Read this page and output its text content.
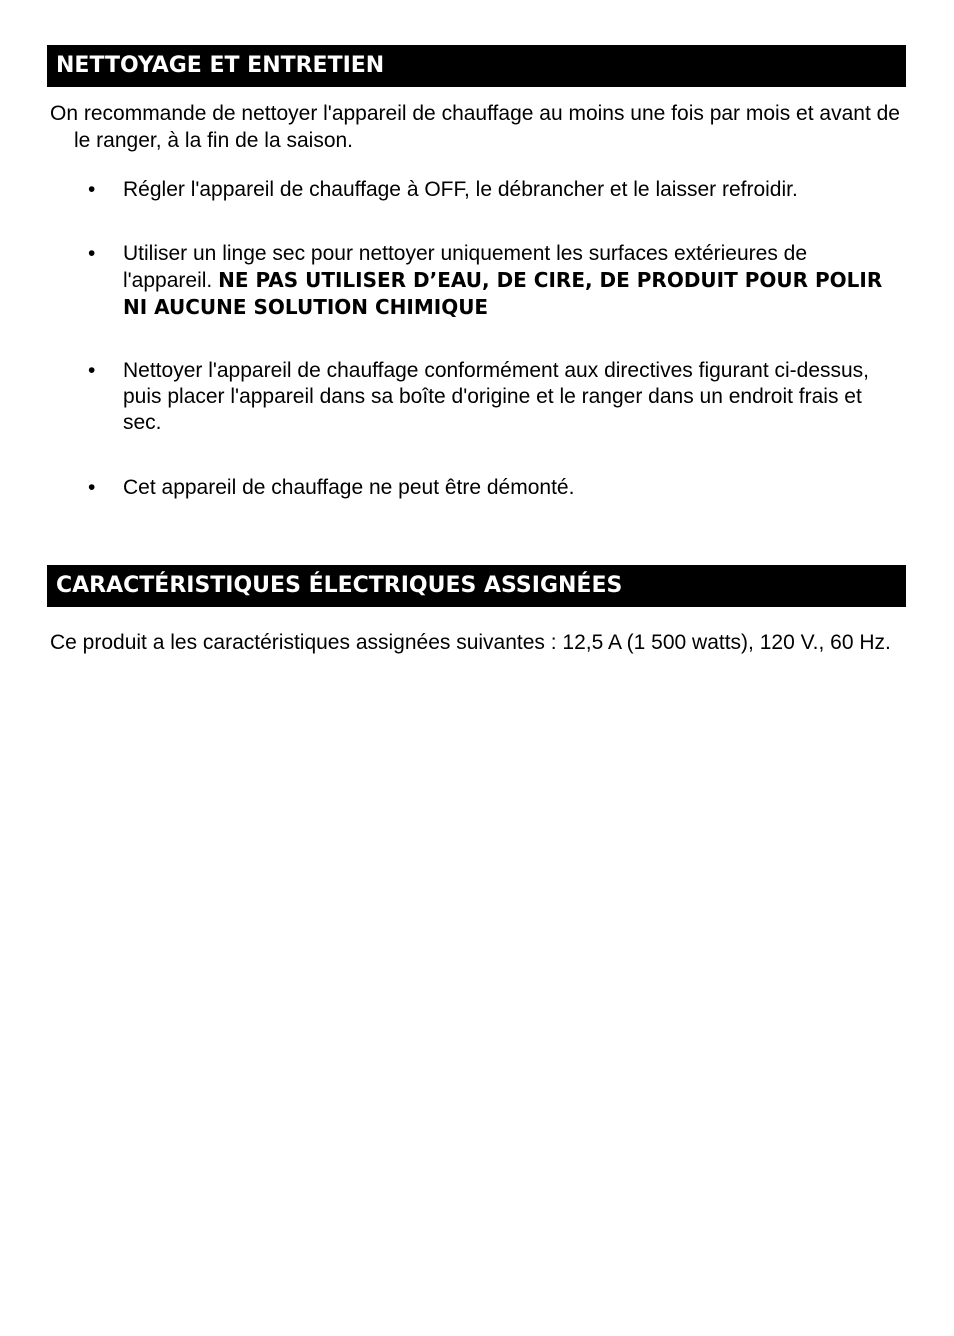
NETTOYAGE ET ENTRETIEN

On recommande de nettoyer l'appareil de chauffage au moins une fois par mois et avant de le ranger, à la fin de la saison.

•	Régler l'appareil de chauffage à OFF, le débrancher et le laisser refroidir.
•	Utiliser un linge sec pour nettoyer uniquement les surfaces extérieures de l'appareil. NE PAS UTILISER D’EAU, DE CIRE, DE PRODUIT POUR POLIR NI AUCUNE SOLUTION CHIMIQUE
•	Nettoyer l'appareil de chauffage conformément aux directives figurant ci-dessus, puis placer l'appareil dans sa boîte d'origine et le ranger dans un endroit frais et sec.
•	Cet appareil de chauffage ne peut être démonté.
CARACTÉRISTIQUES ÉLECTRIQUES ASSIGNÉES

Ce produit a les caractéristiques assignées suivantes : 12,5 A (1 500 watts), 120 V., 60 Hz.
